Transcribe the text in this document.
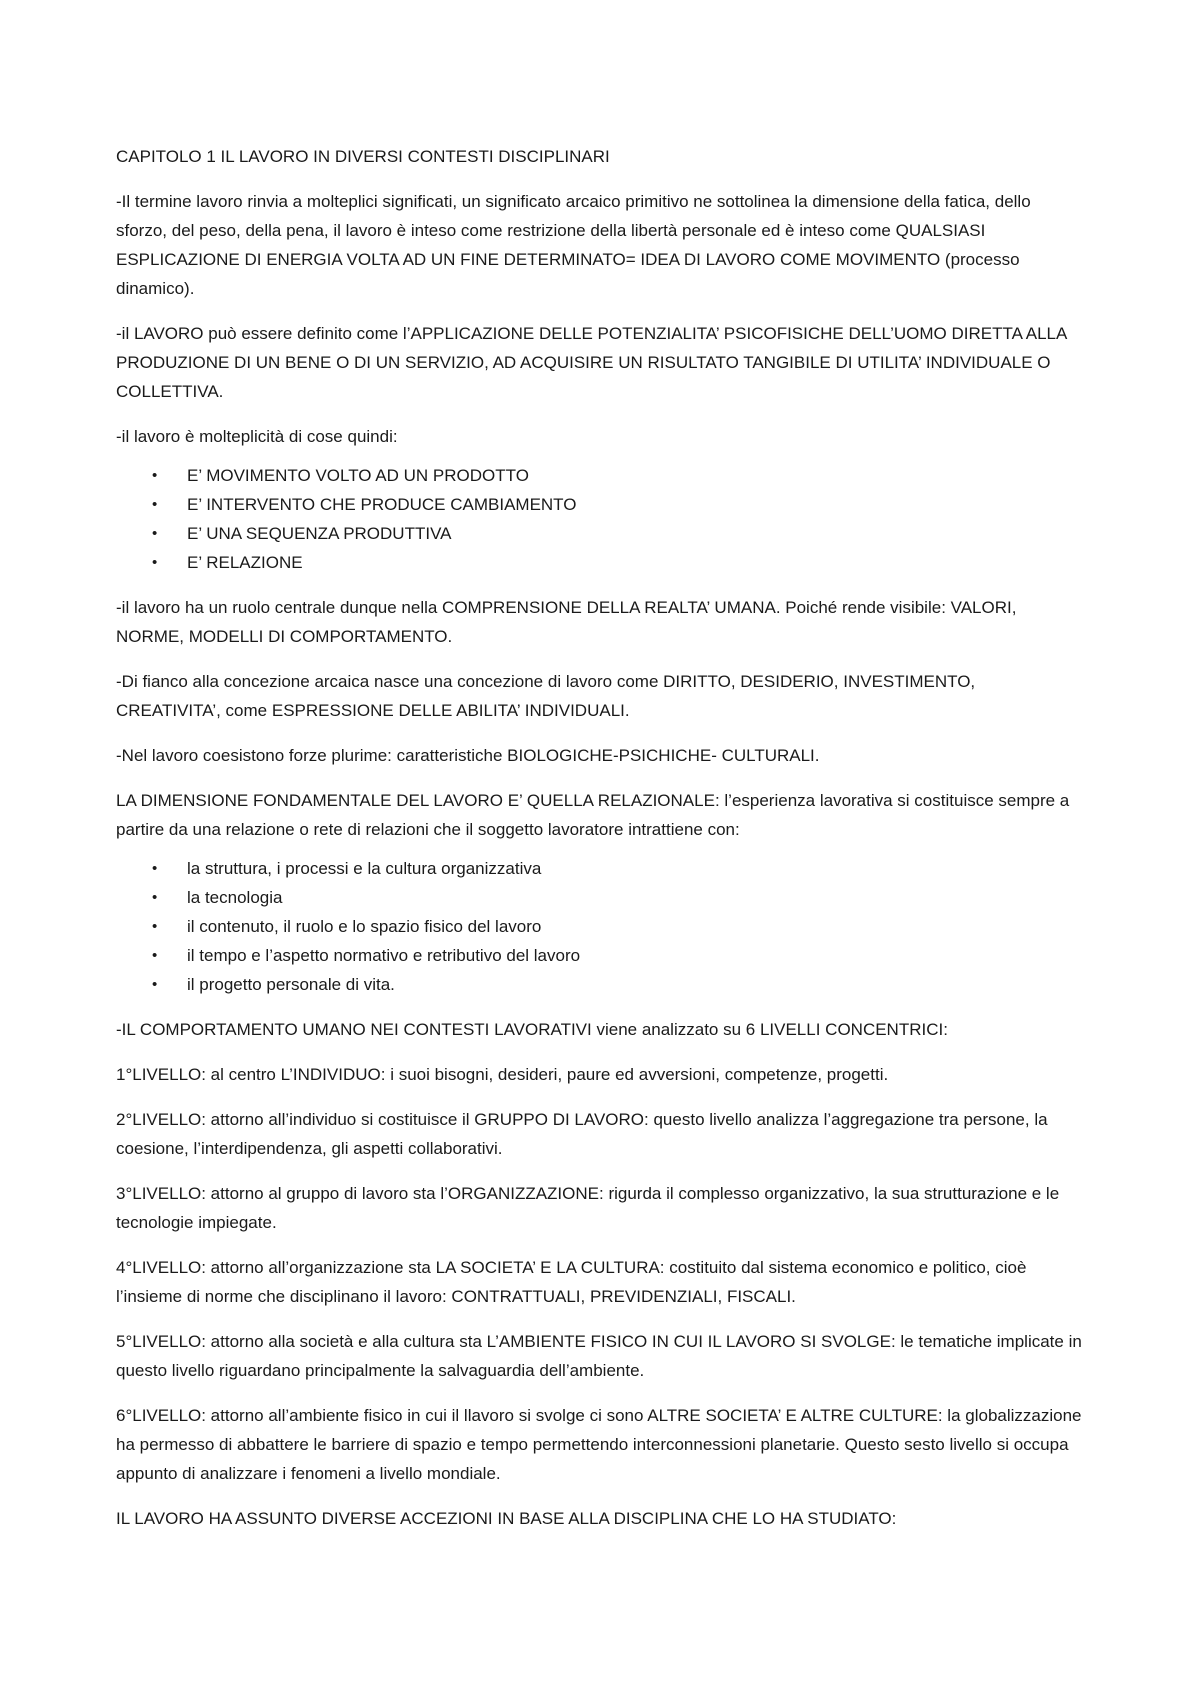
CAPITOLO 1 IL LAVORO IN DIVERSI CONTESTI DISCIPLINARI

-Il termine lavoro rinvia a molteplici significati, un significato arcaico primitivo ne sottolinea la dimensione della fatica, dello sforzo, del peso, della pena, il lavoro è inteso come restrizione della libertà personale ed è inteso come QUALSIASI ESPLICAZIONE DI ENERGIA VOLTA AD UN FINE DETERMINATO= IDEA DI LAVORO COME MOVIMENTO (processo dinamico).

-il LAVORO può essere definito come l’APPLICAZIONE DELLE POTENZIALITA’ PSICOFISICHE DELL’UOMO DIRETTA ALLA PRODUZIONE DI UN BENE O DI UN SERVIZIO, AD ACQUISIRE UN RISULTATO TANGIBILE DI UTILITA’ INDIVIDUALE O COLLETTIVA.

-il lavoro è molteplicità di cose quindi:

• E’ MOVIMENTO VOLTO AD UN PRODOTTO
• E’ INTERVENTO CHE PRODUCE CAMBIAMENTO
• E’ UNA SEQUENZA PRODUTTIVA
• E’ RELAZIONE

-il lavoro ha un ruolo centrale dunque nella COMPRENSIONE DELLA REALTA’ UMANA. Poiché rende visibile: VALORI, NORME, MODELLI DI COMPORTAMENTO.

-Di fianco alla concezione arcaica nasce una concezione di lavoro come DIRITTO, DESIDERIO, INVESTIMENTO, CREATIVITA’, come ESPRESSIONE DELLE ABILITA’ INDIVIDUALI.

-Nel lavoro coesistono forze plurime: caratteristiche BIOLOGICHE-PSICHICHE- CULTURALI.

LA DIMENSIONE FONDAMENTALE DEL LAVORO E’ QUELLA RELAZIONALE: l’esperienza lavorativa si costituisce sempre a partire da una relazione o rete di relazioni che il soggetto lavoratore intrattiene con:

• la struttura, i processi e la cultura organizzativa
• la tecnologia
• il contenuto, il ruolo e lo spazio fisico del lavoro
• il tempo e l’aspetto normativo e retributivo del lavoro
• il progetto personale di vita.

-IL COMPORTAMENTO UMANO NEI CONTESTI LAVORATIVI viene analizzato su 6 LIVELLI CONCENTRICI:

1°LIVELLO: al centro L’INDIVIDUO: i suoi bisogni, desideri, paure ed avversioni, competenze, progetti.

2°LIVELLO: attorno all’individuo si costituisce il GRUPPO DI LAVORO: questo livello analizza l’aggregazione tra persone, la coesione, l’interdipendenza, gli aspetti collaborativi.

3°LIVELLO: attorno al gruppo di lavoro sta l’ORGANIZZAZIONE: rigurda il complesso organizzativo, la sua strutturazione e le tecnologie impiegate.

4°LIVELLO: attorno all’organizzazione sta LA SOCIETA’ E LA CULTURA: costituito dal sistema economico e politico, cioè l’insieme di norme che disciplinano il lavoro: CONTRATTUALI, PREVIDENZIALI, FISCALI.

5°LIVELLO: attorno alla società e alla cultura sta L’AMBIENTE FISICO IN CUI IL LAVORO SI SVOLGE: le tematiche implicate in questo livello riguardano principalmente la salvaguardia dell’ambiente.

6°LIVELLO: attorno all’ambiente fisico in cui il llavoro si svolge ci sono ALTRE SOCIETA’ E ALTRE CULTURE: la globalizzazione ha permesso di abbattere le barriere di spazio e tempo permettendo interconnessioni planetarie. Questo sesto livello si occupa appunto di analizzare i fenomeni a livello mondiale.

IL LAVORO HA ASSUNTO DIVERSE ACCEZIONI IN BASE ALLA DISCIPLINA CHE LO HA STUDIATO:
